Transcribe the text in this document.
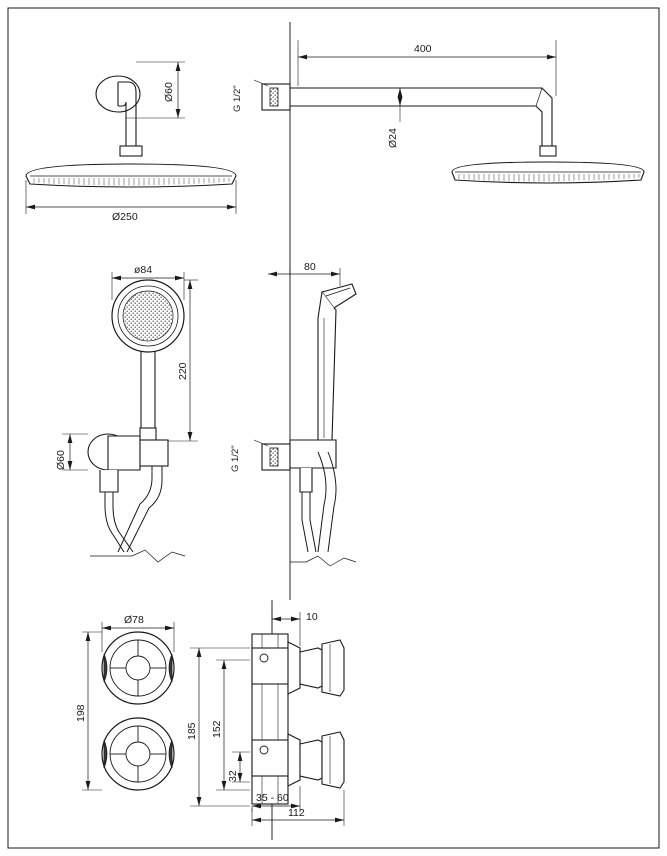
Ø60
Ø250
400
G 1/2"
Ø24
ø84
220
Ø60
80
G 1/2"
Ø78
198
10
185 152
32
35 - 60
112
